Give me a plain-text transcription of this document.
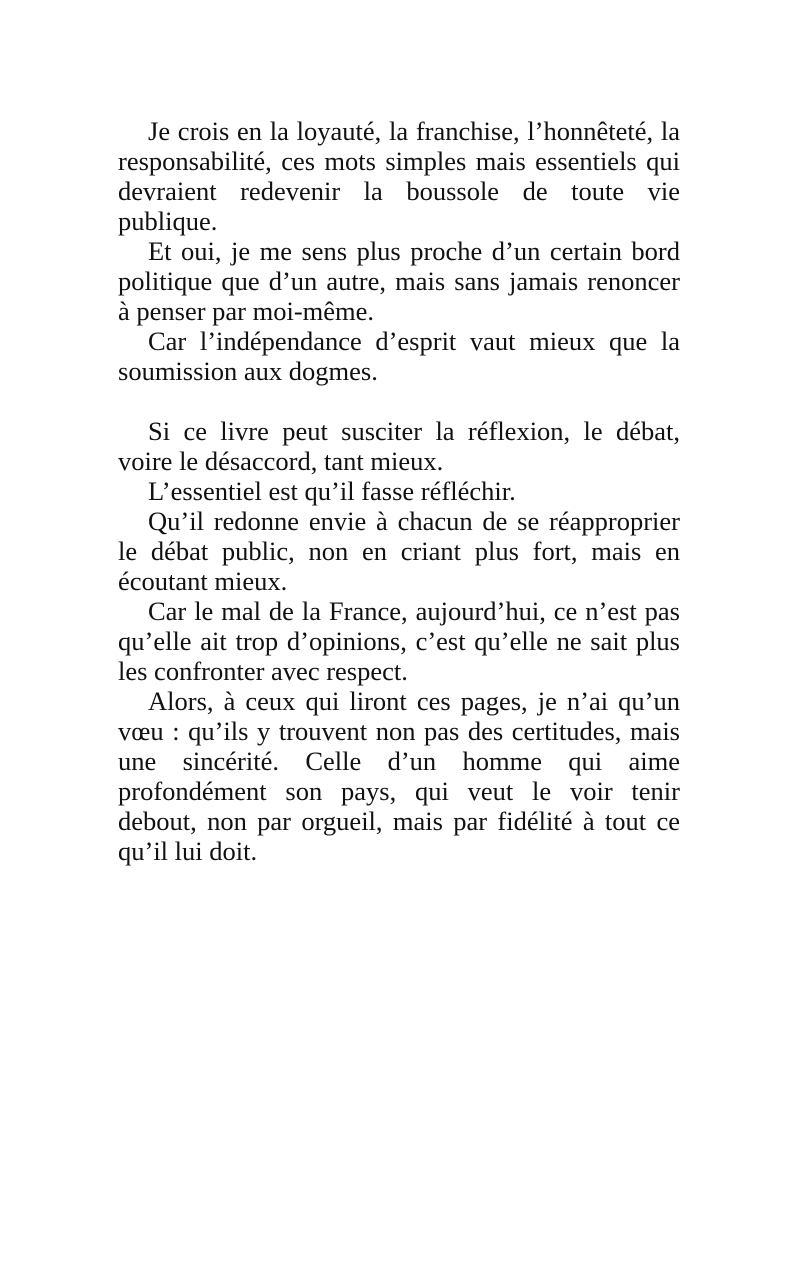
Je crois en la loyauté, la franchise, l’honnêteté, la responsabilité, ces mots simples mais essentiels qui devraient redevenir la boussole de toute vie publique.

Et oui, je me sens plus proche d’un certain bord politique que d’un autre, mais sans jamais renoncer à penser par moi-même.

Car l’indépendance d’esprit vaut mieux que la soumission aux dogmes.

Si ce livre peut susciter la réflexion, le débat, voire le désaccord, tant mieux.

L’essentiel est qu’il fasse réfléchir.

Qu’il redonne envie à chacun de se réapproprier le débat public, non en criant plus fort, mais en écoutant mieux.

Car le mal de la France, aujourd’hui, ce n’est pas qu’elle ait trop d’opinions, c’est qu’elle ne sait plus les confronter avec respect.

Alors, à ceux qui liront ces pages, je n’ai qu’un vœu : qu’ils y trouvent non pas des certitudes, mais une sincérité. Celle d’un homme qui aime profondément son pays, qui veut le voir tenir debout, non par orgueil, mais par fidélité à tout ce qu’il lui doit.
